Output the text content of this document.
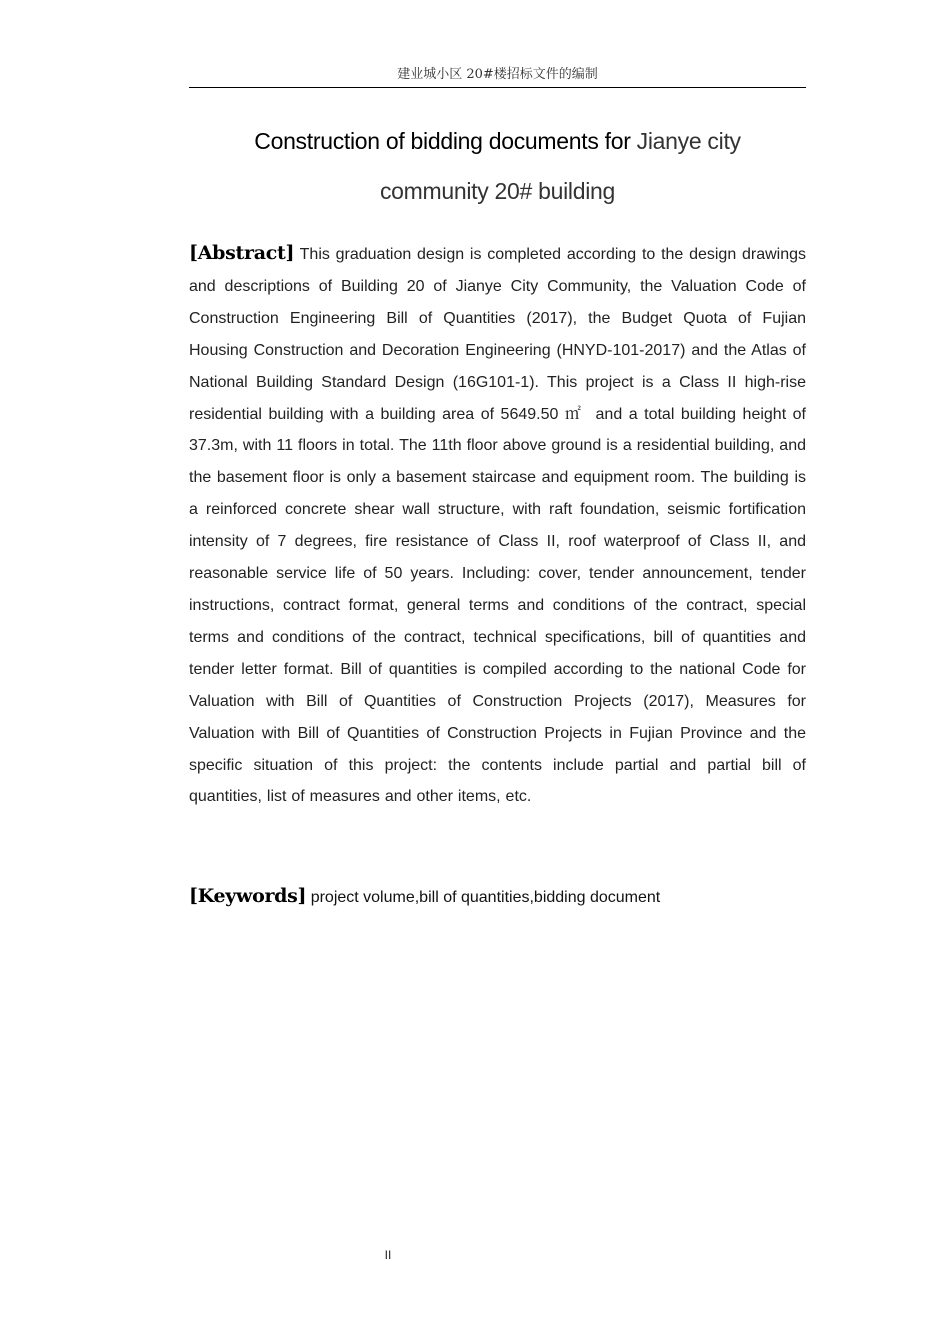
建业城小区 20#楼招标文件的编制
Construction of bidding documents for Jianye city
community 20# building

[Abstract] This graduation design is completed according to the design drawings and descriptions of Building 20 of Jianye City Community, the Valuation Code of Construction Engineering Bill of Quantities (2017), the Budget Quota of Fujian Housing Construction and Decoration Engineering (HNYD-101-2017) and the Atlas of National Building Standard Design (16G101-1). This project is a Class II high-rise residential building with a building area of 5649.50 ㎡ and a total building height of 37.3m, with 11 floors in total. The 11th floor above ground is a residential building, and the basement floor is only a basement staircase and equipment room. The building is a reinforced concrete shear wall structure, with raft foundation, seismic fortification intensity of 7 degrees, fire resistance of Class II, roof waterproof of Class II, and reasonable service life of 50 years. Including: cover, tender announcement, tender instructions, contract format, general terms and conditions of the contract, special terms and conditions of the contract, technical specifications, bill of quantities and tender letter format. Bill of quantities is compiled according to the national Code for Valuation with Bill of Quantities of Construction Projects (2017), Measures for Valuation with Bill of Quantities of Construction Projects in Fujian Province and the specific situation of this project: the contents include partial and partial bill of quantities, list of measures and other items, etc.

[Keywords] project volume,bill of quantities,bidding document

II
